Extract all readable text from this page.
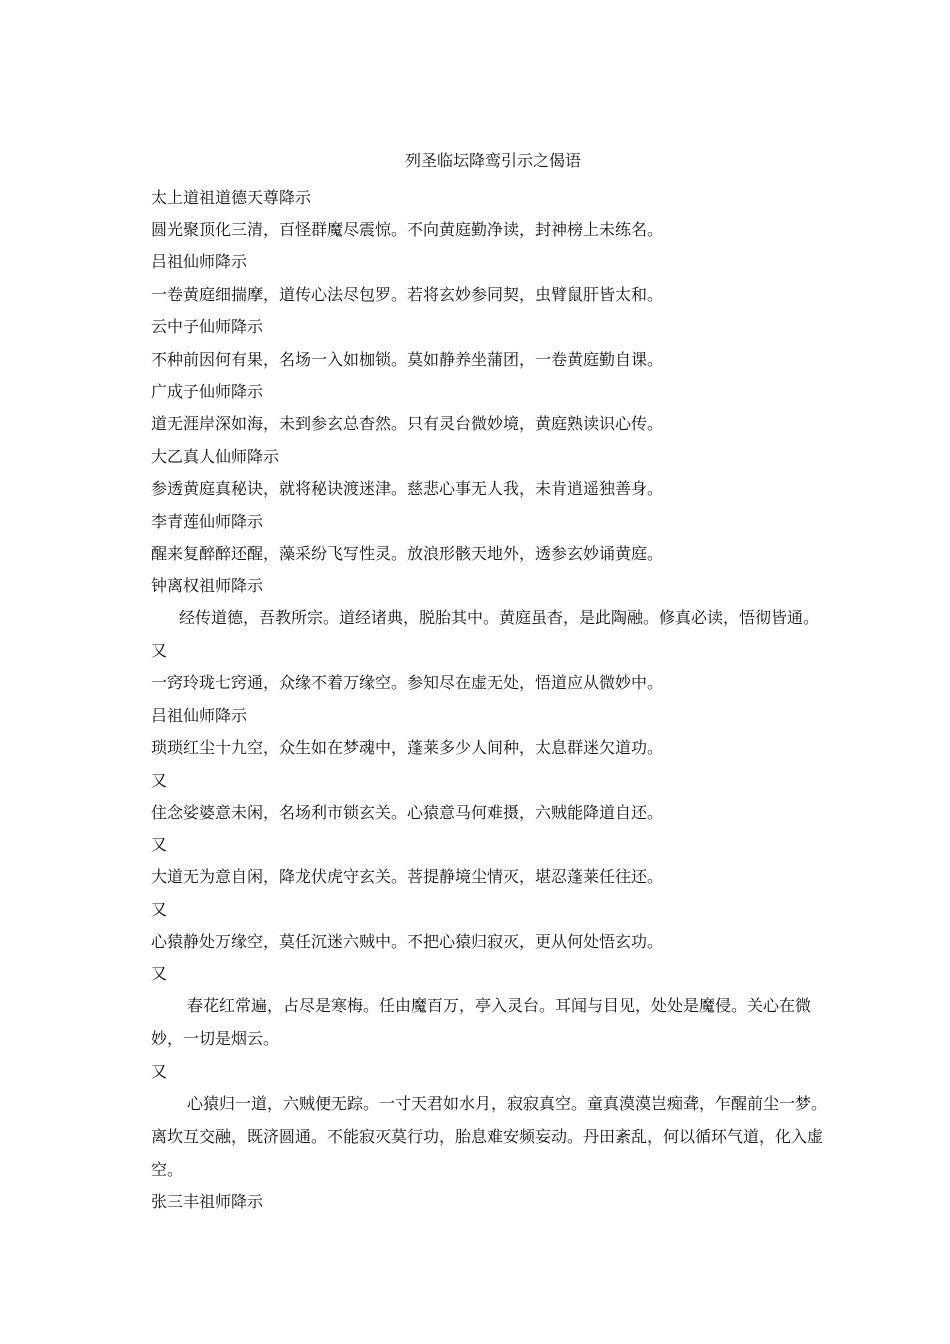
列圣临坛降鸾引示之偈语
太上道祖道德天尊降示
圆光聚顶化三清，百怪群魔尽震惊。不向黄庭勤净读，封神榜上未练名。
吕祖仙师降示
一卷黄庭细揣摩，道传心法尽包罗。若将玄妙参同契，虫臂鼠肝皆太和。
云中子仙师降示
不种前因何有果，名场一入如枷锁。莫如静养坐蒲团，一卷黄庭勤自课。
广成子仙师降示
道无涯岸深如海，未到参玄总杳然。只有灵台微妙境，黄庭熟读识心传。
大乙真人仙师降示
参透黄庭真秘诀，就将秘诀渡迷津。慈悲心事无人我，未肯逍遥独善身。
李青莲仙师降示
醒来复醉醉还醒，藻采纷飞写性灵。放浪形骸天地外，透参玄妙诵黄庭。
钟离权祖师降示
经传道德，吾教所宗。道经诸典，脱胎其中。黄庭虽杳，是此陶融。修真必读，悟彻皆通。
又
一窍玲珑七窍通，众缘不着万缘空。参知尽在虚无处，悟道应从微妙中。
吕祖仙师降示
琐琐红尘十九空，众生如在梦魂中，蓬莱多少人间种，太息群迷欠道功。
又
住念娑婆意未闲，名场利市锁玄关。心猿意马何难摄，六贼能降道自还。
又
大道无为意自闲，降龙伏虎守玄关。菩提静境尘情灭，堪忍蓬莱任往还。
又
心猿静处万缘空，莫任沉迷六贼中。不把心猿归寂灭，更从何处悟玄功。
又
春花红常遍，占尽是寒梅。任由魔百万，亭入灵台。耳闻与目见，处处是魔侵。关心在微妙，一切是烟云。
又
心猿归一道，六贼便无踪。一寸天君如水月，寂寂真空。童真漠漠岂痴聋，乍醒前尘一梦。离坎互交融，既济圆通。不能寂灭莫行功，胎息难安频妄动。丹田紊乱，何以循环气道，化入虚空。
张三丰祖师降示
